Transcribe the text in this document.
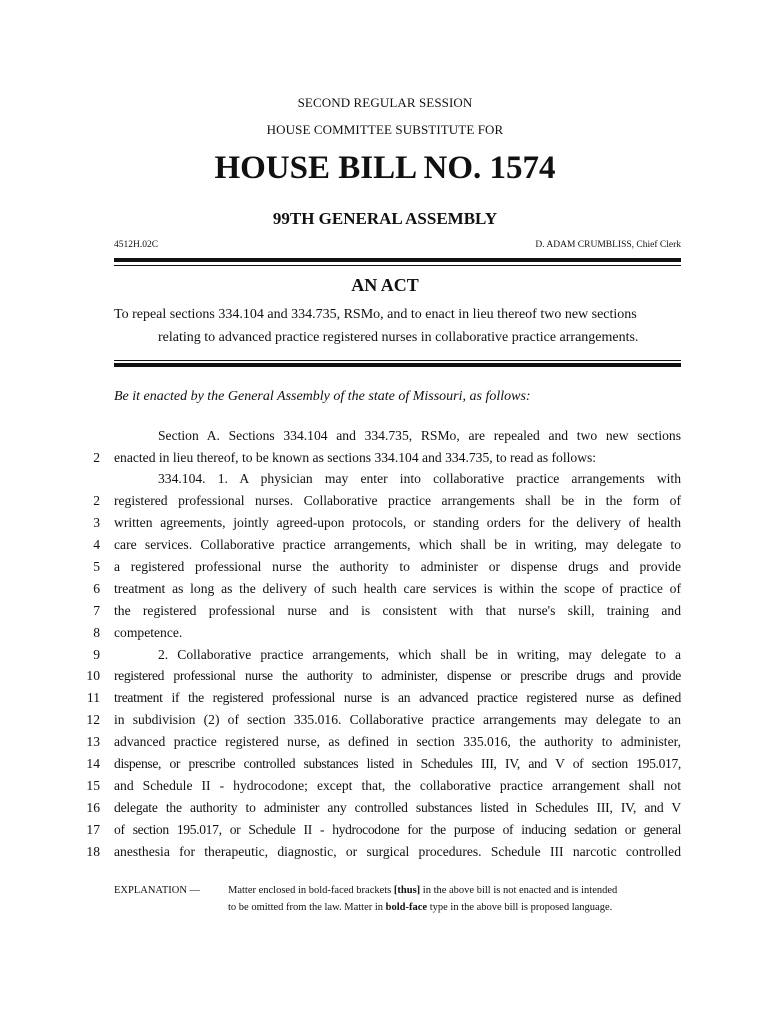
SECOND REGULAR SESSION
HOUSE COMMITTEE SUBSTITUTE FOR
HOUSE BILL NO. 1574
99TH GENERAL ASSEMBLY
4512H.02C	D. ADAM CRUMBLISS, Chief Clerk
AN ACT
To repeal sections 334.104 and 334.735, RSMo, and to enact in lieu thereof two new sections
relating to advanced practice registered nurses in collaborative practice arrangements.
Be it enacted by the General Assembly of the state of Missouri, as follows:
Section A. Sections 334.104 and 334.735, RSMo, are repealed and two new sections
2 enacted in lieu thereof, to be known as sections 334.104 and 334.735, to read as follows:
334.104. 1. A physician may enter into collaborative practice arrangements with
2 registered professional nurses. Collaborative practice arrangements shall be in the form of
3 written agreements, jointly agreed-upon protocols, or standing orders for the delivery of health
4 care services. Collaborative practice arrangements, which shall be in writing, may delegate to
5 a registered professional nurse the authority to administer or dispense drugs and provide
6 treatment as long as the delivery of such health care services is within the scope of practice of
7 the registered professional nurse and is consistent with that nurse's skill, training and
8 competence.
9	2. Collaborative practice arrangements, which shall be in writing, may delegate to a
10 registered professional nurse the authority to administer, dispense or prescribe drugs and provide
11 treatment if the registered professional nurse is an advanced practice registered nurse as defined
12 in subdivision (2) of section 335.016. Collaborative practice arrangements may delegate to an
13 advanced practice registered nurse, as defined in section 335.016, the authority to administer,
14 dispense, or prescribe controlled substances listed in Schedules III, IV, and V of section 195.017,
15 and Schedule II - hydrocodone; except that, the collaborative practice arrangement shall not
16 delegate the authority to administer any controlled substances listed in Schedules III, IV, and V
17 of section 195.017, or Schedule II - hydrocodone for the purpose of inducing sedation or general
18 anesthesia for therapeutic, diagnostic, or surgical procedures. Schedule III narcotic controlled
EXPLANATION —	Matter enclosed in bold-faced brackets [thus] in the above bill is not enacted and is intended
to be omitted from the law. Matter in bold-face type in the above bill is proposed language.
